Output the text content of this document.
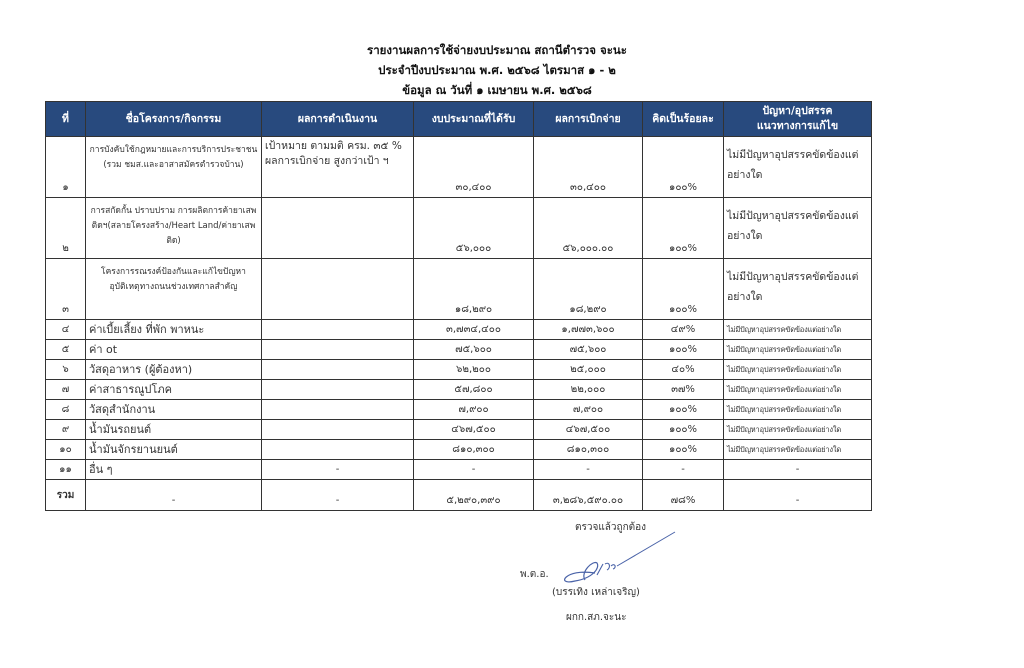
รายงานผลการใช้จ่ายงบประมาณ สถานีตำรวจ จะนะ
ประจำปีงบประมาณ พ.ศ. ๒๕๖๘ ไตรมาส ๑ - ๒
ข้อมูล ณ วันที่ ๑ เมษายน พ.ศ. ๒๕๖๘
ที่	ชื่อโครงการ/กิจกรรม	ผลการดำเนินงาน	งบประมาณที่ได้รับ	ผลการเบิกจ่าย	คิดเป็นร้อยละ	ปัญหา/อุปสรรค
แนวทางการแก้ไข

๑	การบังคับใช้กฎหมายและการบริการประชาชน (รวม ชมส.และอาสาสมัครตำรวจบ้าน)	เป้าหมาย ตามมติ ครม. ๓๕ % ผลการเบิกจ่าย สูงกว่าเป้า ฯ	๓๐,๔๐๐	๓๐,๔๐๐	๑๐๐%	ไม่มีปัญหาอุปสรรคขัดข้องแต่อย่างใด
๒	การสกัดกั้น ปราบปราม การผลิตการค้ายาเสพติดฯ(สลายโครงสร้าง/Heart Land/ค่ายาเสพติด)		๕๖,๐๐๐	๕๖,๐๐๐.๐๐	๑๐๐%	ไม่มีปัญหาอุปสรรคขัดข้องแต่อย่างใด
๓	โครงการรณรงค์ป้องกันและแก้ไขปัญหาอุบัติเหตุทางถนนช่วงเทศกาลสำคัญ		๑๘,๒๙๐	๑๘,๒๙๐	๑๐๐%	ไม่มีปัญหาอุปสรรคขัดข้องแต่อย่างใด
๔	ค่าเบี้ยเลี้ยง ที่พัก พาหนะ		๓,๗๓๔,๔๐๐	๑,๗๗๓,๖๐๐	๔๙%	ไม่มีปัญหาอุปสรรคขัดข้องแต่อย่างใด
๕	ค่า ot		๗๕,๖๐๐	๗๕,๖๐๐	๑๐๐%	ไม่มีปัญหาอุปสรรคขัดข้องแต่อย่างใด
๖	วัสดุอาหาร (ผู้ต้องหา)		๖๒,๒๐๐	๒๕,๐๐๐	๔๐%	ไม่มีปัญหาอุปสรรคขัดข้องแต่อย่างใด
๗	ค่าสาธารณูปโภค		๕๗,๘๐๐	๒๒,๐๐๐	๓๗%	ไม่มีปัญหาอุปสรรคขัดข้องแต่อย่างใด
๘	วัสดุสำนักงาน		๗,๙๐๐	๗,๙๐๐	๑๐๐%	ไม่มีปัญหาอุปสรรคขัดข้องแต่อย่างใด
๙	น้ำมันรถยนต์		๔๖๗,๕๐๐	๔๖๗,๕๐๐	๑๐๐%	ไม่มีปัญหาอุปสรรคขัดข้องแต่อย่างใด
๑๐	น้ำมันจักรยานยนต์		๘๑๐,๓๐๐	๘๑๐,๓๐๐	๑๐๐%	ไม่มีปัญหาอุปสรรคขัดข้องแต่อย่างใด
๑๑	อื่น ๆ	-	-	-	-	-
รวม	-	-	๕,๒๙๐,๓๙๐	๓,๒๘๖,๕๙๐.๐๐	๗๘%	-
ตรวจแล้วถูกต้อง
พ.ต.อ.
(บรรเทิง เหล่าเจริญ)
ผกก.สภ.จะนะ
